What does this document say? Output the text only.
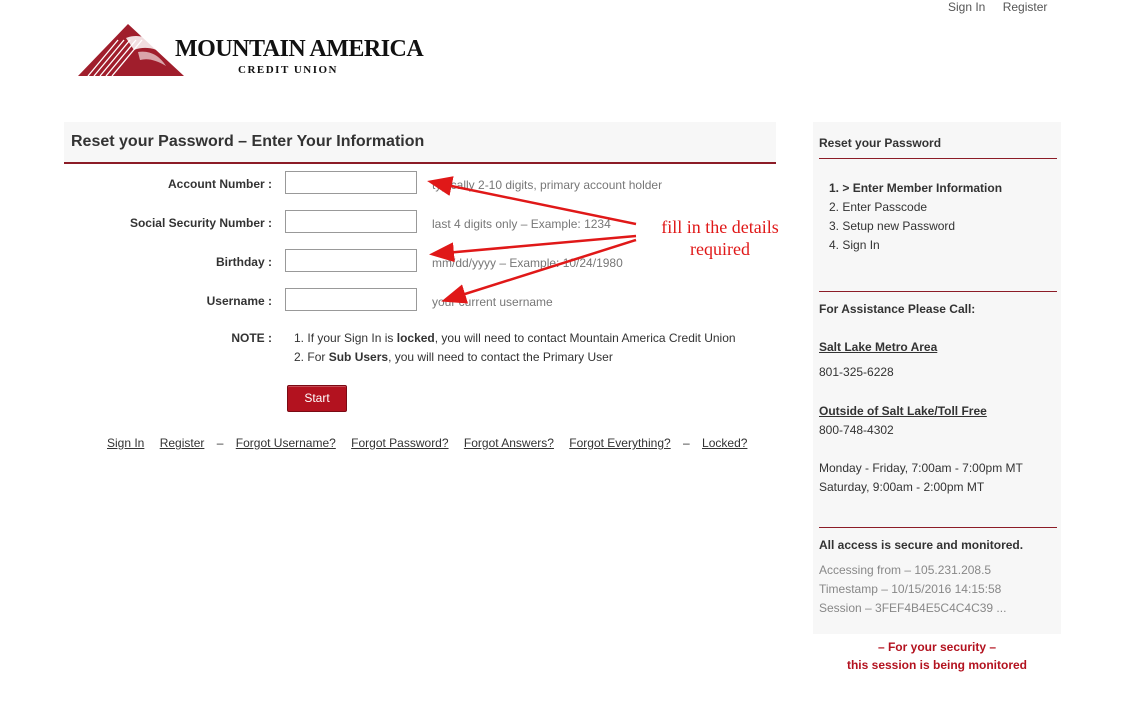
Sign In Register
MOUNTAIN AMERICA
CREDIT UNION
Reset your Password – Enter Your Information
Account Number :	typically 2-10 digits, primary account holder
Social Security Number :	last 4 digits only – Example: 1234
Birthday :	mm/dd/yyyy – Example: 10/24/1980
Username :	your current username
NOTE : 1. If your Sign In is locked, you will need to contact Mountain America Credit Union
2. For Sub Users, you will need to contact the Primary User
Start
Sign In Register – Forgot Username? Forgot Password? Forgot Answers? Forgot Everything? – Locked?
fill in the details
required
Reset your Password
1. > Enter Member Information
2. Enter Passcode
3. Setup new Password
4. Sign In
For Assistance Please Call:
Salt Lake Metro Area
801-325-6228
Outside of Salt Lake/Toll Free
800-748-4302
Monday - Friday, 7:00am - 7:00pm MT
Saturday, 9:00am - 2:00pm MT
All access is secure and monitored.
Accessing from – 105.231.208.5
Timestamp – 10/15/2016 14:15:58
Session – 3FEF4B4E5C4C4C39 ...
– For your security –
this session is being monitored
